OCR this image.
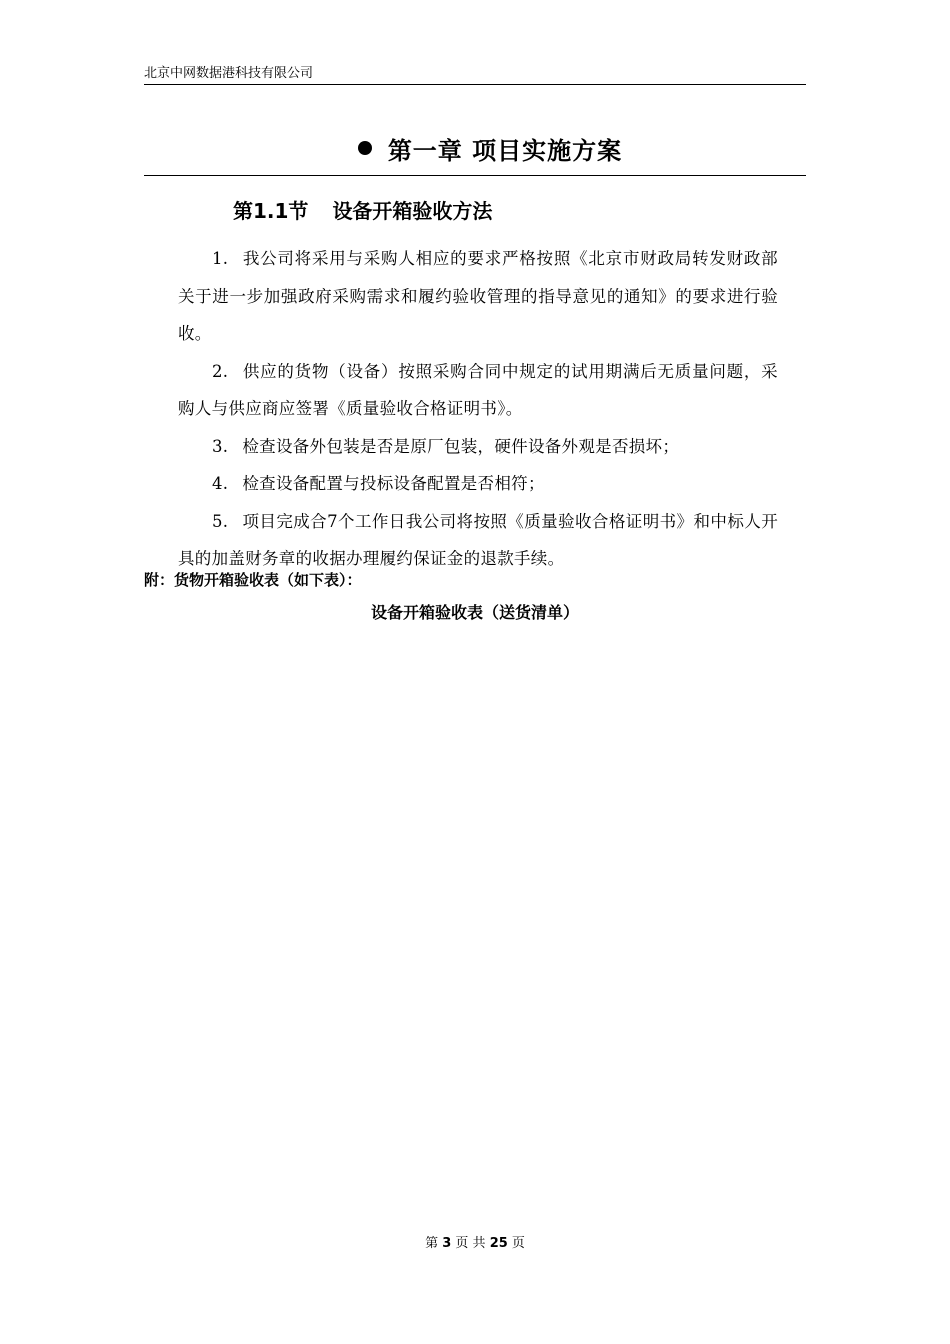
北京中网数据港科技有限公司
第一章 项目实施方案
第1.1节 设备开箱验收方法

1. 我公司将采用与采购人相应的要求严格按照《北京市财政局转发财政部关于进一步加强政府采购需求和履约验收管理的指导意见的通知》的要求进行验收。

2. 供应的货物（设备）按照采购合同中规定的试用期满后无质量问题，采购人与供应商应签署《质量验收合格证明书》。

3. 检查设备外包装是否是原厂包装，硬件设备外观是否损坏；

4. 检查设备配置与投标设备配置是否相符；

5. 项目完成合7个工作日我公司将按照《质量验收合格证明书》和中标人开具的加盖财务章的收据办理履约保证金的退款手续。

附：货物开箱验收表（如下表）：
设备开箱验收表（送货清单）
第 3 页 共 25 页
